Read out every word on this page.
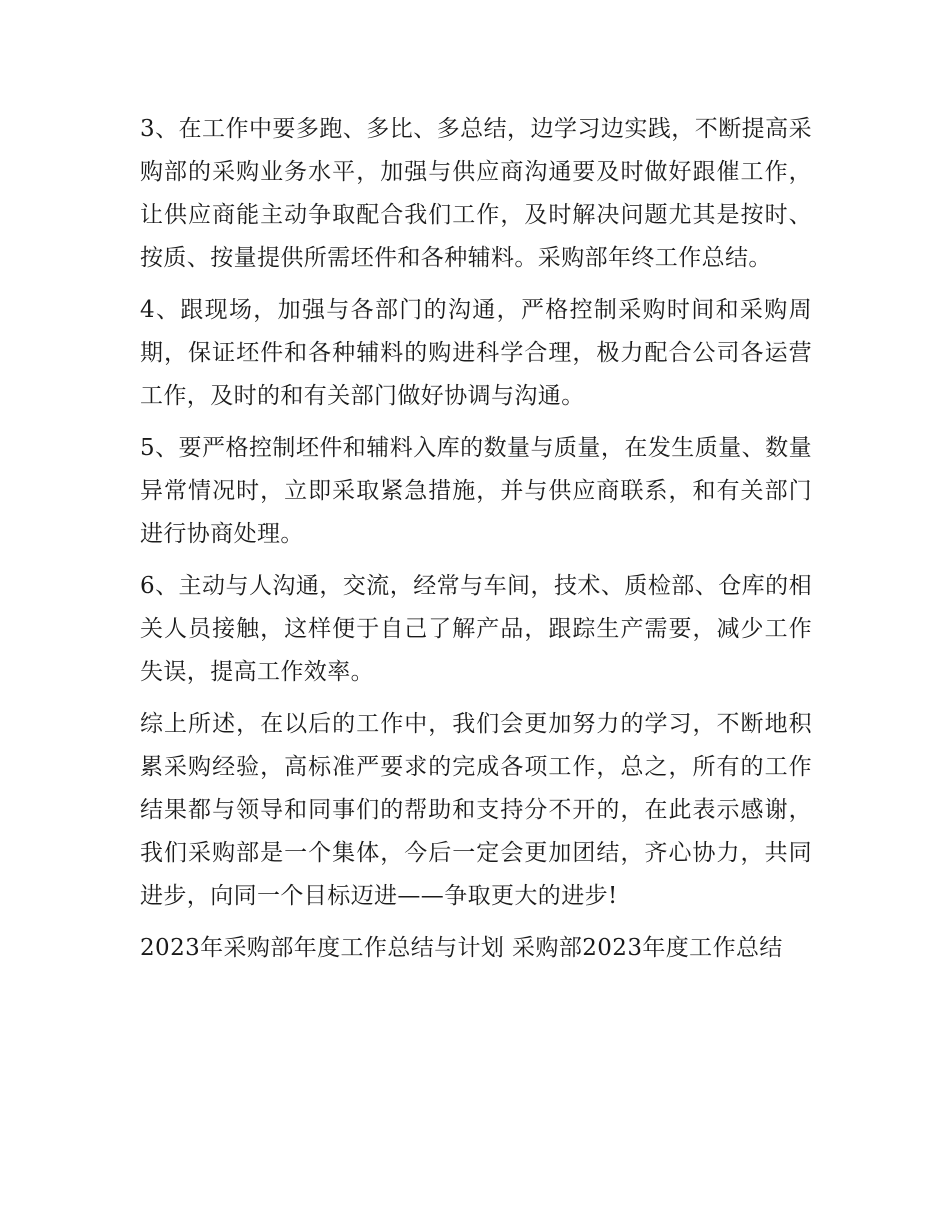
3、在工作中要多跑、多比、多总结，边学习边实践，不断提高采购部的采购业务水平，加强与供应商沟通要及时做好跟催工作，让供应商能主动争取配合我们工作，及时解决问题尤其是按时、按质、按量提供所需坯件和各种辅料。采购部年终工作总结。

4、跟现场，加强与各部门的沟通，严格控制采购时间和采购周期，保证坯件和各种辅料的购进科学合理，极力配合公司各运营工作，及时的和有关部门做好协调与沟通。

5、要严格控制坯件和辅料入库的数量与质量，在发生质量、数量异常情况时，立即采取紧急措施，并与供应商联系，和有关部门进行协商处理。

6、主动与人沟通，交流，经常与车间，技术、质检部、仓库的相关人员接触，这样便于自己了解产品，跟踪生产需要，减少工作失误，提高工作效率。

综上所述，在以后的工作中，我们会更加努力的学习，不断地积累采购经验，高标准严要求的完成各项工作，总之，所有的工作结果都与领导和同事们的帮助和支持分不开的，在此表示感谢，我们采购部是一个集体，今后一定会更加团结，齐心协力，共同进步，向同一个目标迈进——争取更大的进步!

2023年采购部年度工作总结与计划 采购部2023年度工作总结
